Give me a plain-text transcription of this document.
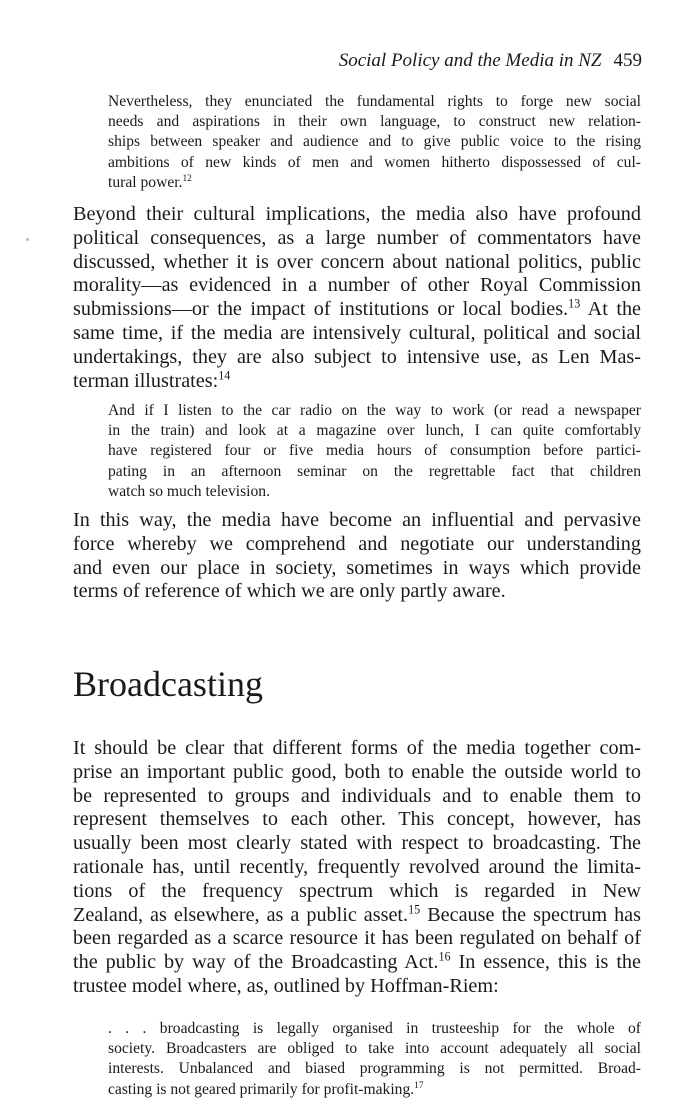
Social Policy and the Media in NZ 459
Nevertheless, they enunciated the fundamental rights to forge new social
needs and aspirations in their own language, to construct new relation-
ships between speaker and audience and to give public voice to the rising
ambitions of new kinds of men and women hitherto dispossessed of cul-
tural power.$^{12}$
Beyond their cultural implications, the media also have profound
political consequences, as a large number of commentators have
discussed, whether it is over concern about national politics, public
morality—as evidenced in a number of other Royal Commission
submissions—or the impact of institutions or local bodies.$^{13}$ At the
same time, if the media are intensively cultural, political and social
undertakings, they are also subject to intensive use, as Len Mas-
terman illustrates:$^{14}$
And if I listen to the car radio on the way to work (or read a newspaper
in the train) and look at a magazine over lunch, I can quite comfortably
have registered four or five media hours of consumption before partici-
pating in an afternoon seminar on the regrettable fact that children
watch so much television.
In this way, the media have become an influential and pervasive
force whereby we comprehend and negotiate our understanding
and even our place in society, sometimes in ways which provide
terms of reference of which we are only partly aware.
Broadcasting
It should be clear that different forms of the media together com-
prise an important public good, both to enable the outside world to
be represented to groups and individuals and to enable them to
represent themselves to each other. This concept, however, has
usually been most clearly stated with respect to broadcasting. The
rationale has, until recently, frequently revolved around the limita-
tions of the frequency spectrum which is regarded in New
Zealand, as elsewhere, as a public asset.$^{15}$ Because the spectrum has
been regarded as a scarce resource it has been regulated on behalf of
the public by way of the Broadcasting Act.$^{16}$ In essence, this is the
trustee model where, as, outlined by Hoffman-Riem:
. . . broadcasting is legally organised in trusteeship for the whole of
society. Broadcasters are obliged to take into account adequately all social
interests. Unbalanced and biased programming is not permitted. Broad-
casting is not geared primarily for profit-making.$^{17}$
